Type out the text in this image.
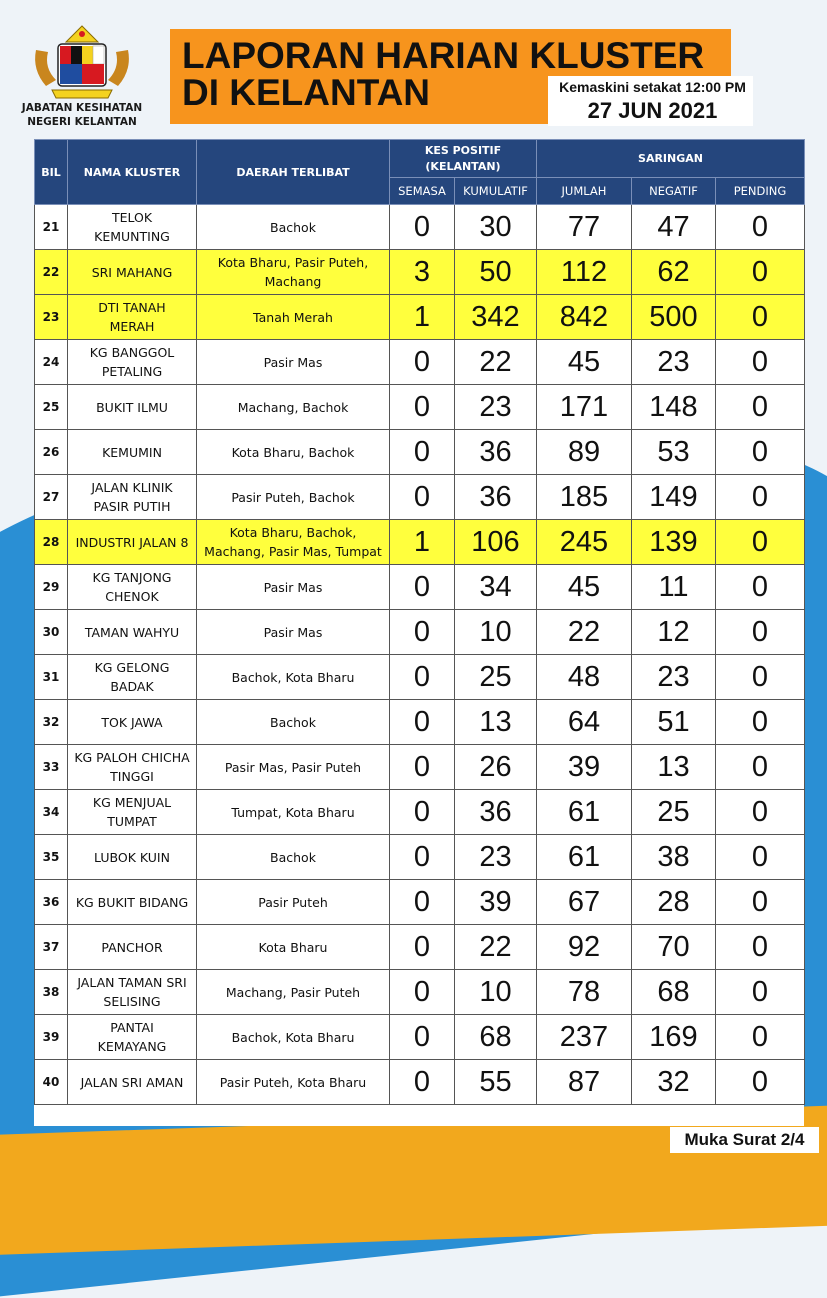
JABATAN KESIHATAN
NEGERI KELANTAN
LAPORAN HARIAN KLUSTER
DI KELANTAN	Kemaskini setakat 12:00 PM
27 JUN 2021
BIL	NAMA KLUSTER	DAERAH TERLIBAT	KES POSITIF
(KELANTAN)		SARINGAN		
			SEMASA	KUMULATIF	JUMLAH	NEGATIF	PENDING
21	TELOK
KEMUNTING	Bachok	0	30	77	47	0
22	SRI MAHANG	Kota Bharu, Pasir Puteh,
Machang	3	50	112	62	0
23	DTI TANAH
MERAH	Tanah Merah	1	342	842	500	0
24	KG BANGGOL
PETALING	Pasir Mas	0	22	45	23	0
25	BUKIT ILMU	Machang, Bachok	0	23	171	148	0
26	KEMUMIN	Kota Bharu, Bachok	0	36	89	53	0
27	JALAN KLINIK
PASIR PUTIH	Pasir Puteh, Bachok	0	36	185	149	0
28	INDUSTRI JALAN 8	Kota Bharu, Bachok,
Machang, Pasir Mas, Tumpat	1	106	245	139	0
29	KG TANJONG
CHENOK	Pasir Mas	0	34	45	11	0
30	TAMAN WAHYU	Pasir Mas	0	10	22	12	0
31	KG GELONG
BADAK	Bachok, Kota Bharu	0	25	48	23	0
32	TOK JAWA	Bachok	0	13	64	51	0
33	KG PALOH CHICHA
TINGGI	Pasir Mas, Pasir Puteh	0	26	39	13	0
34	KG MENJUAL
TUMPAT	Tumpat, Kota Bharu	0	36	61	25	0
35	LUBOK KUIN	Bachok	0	23	61	38	0
36	KG BUKIT BIDANG	Pasir Puteh	0	39	67	28	0
37	PANCHOR	Kota Bharu	0	22	92	70	0
38	JALAN TAMAN SRI
SELISING	Machang, Pasir Puteh	0	10	78	68	0
39	PANTAI
KEMAYANG	Bachok, Kota Bharu	0	68	237	169	0
40	JALAN SRI AMAN	Pasir Puteh, Kota Bharu	0	55	87	32	0
Muka Surat 2/4
